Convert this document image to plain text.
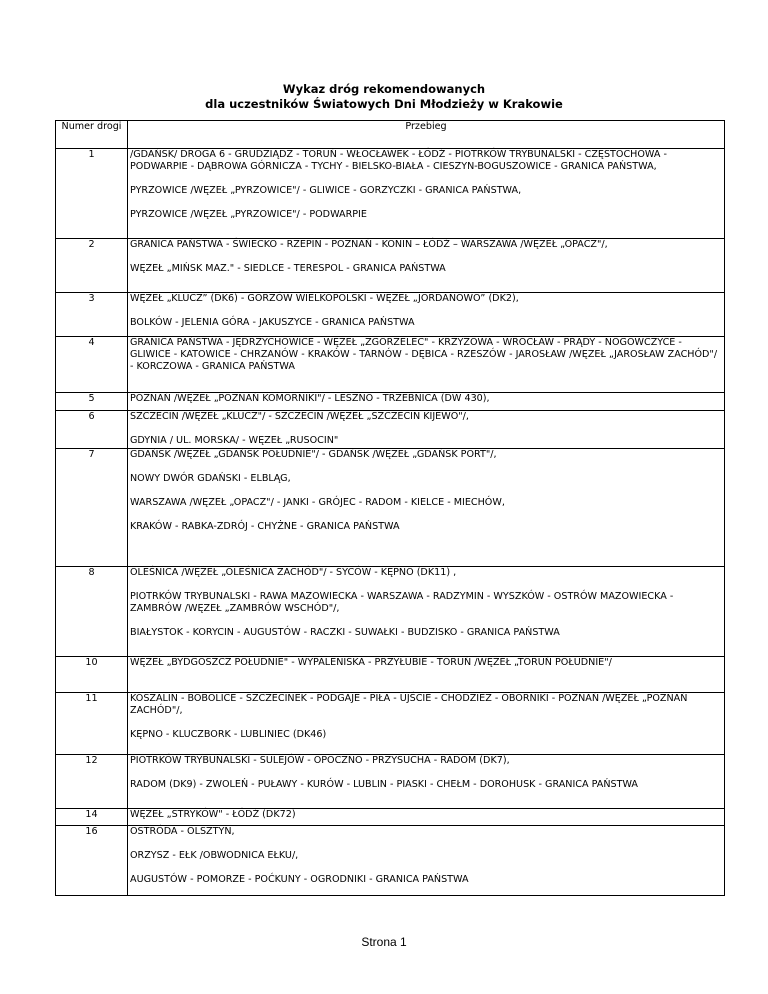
Wykaz dróg rekomendowanych
dla uczestników Światowych Dni Młodzieży w Krakowie
Numer drogi	Przebieg
1	/GDAŃSK/ DROGA 6 - GRUDZIĄDZ - TORUŃ - WŁOCŁAWEK - ŁÓDŹ - PIOTRKÓW TRYBUNALSKI - CZĘSTOCHOWA - PODWARPIE - DĄBROWA GÓRNICZA - TYCHY - BIELSKO-BIAŁA - CIESZYN-BOGUSZOWICE - GRANICA PAŃSTWA,
PYRZOWICE /WĘZEŁ „PYRZOWICE"/ - GLIWICE - GORZYCZKI - GRANICA PAŃSTWA,
PYRZOWICE /WĘZEŁ „PYRZOWICE"/ - PODWARPIE

2	GRANICA PAŃSTWA - ŚWIECKO - RZEPIN - POZNAŃ - KONIN – ŁÓDŹ – WARSZAWA /WĘZEŁ „OPACZ"/,
WĘZEŁ „MIŃSK MAZ." - SIEDLCE - TERESPOL - GRANICA PAŃSTWA

3	WĘZEŁ „KLUCZ” (DK6) - GORZÓW WIELKOPOLSKI - WĘZEŁ „JORDANOWO” (DK2),
BOLKÓW - JELENIA GÓRA - JAKUSZYCE - GRANICA PAŃSTWA

4	GRANICA PAŃSTWA - JĘDRZYCHOWICE - WĘZEŁ „ZGORZELEC" - KRZYŻOWA - WROCŁAW - PRĄDY - NOGOWCZYCE - GLIWICE - KATOWICE - CHRZANÓW - KRAKÓW - TARNÓW - DĘBICA - RZESZÓW - JAROSŁAW /WĘZEŁ „JAROSŁAW ZACHÓD"/ - KORCZOWA - GRANICA PAŃSTWA

5	POZNAŃ /WĘZEŁ „POZNAŃ KOMORNIKI"/ - LESZNO - TRZEBNICA (DW 430),

6	SZCZECIN /WĘZEŁ „KLUCZ"/ - SZCZECIN /WĘZEŁ „SZCZECIN KIJEWO"/,
GDYNIA / UL. MORSKA/ - WĘZEŁ „RUSOCIN"

7	GDAŃSK /WĘZEŁ „GDAŃSK POŁUDNIE"/ - GDAŃSK /WĘZEŁ „GDAŃSK PORT"/,
NOWY DWÓR GDAŃSKI - ELBLĄG,
WARSZAWA /WĘZEŁ „OPACZ"/ - JANKI - GRÓJEC - RADOM - KIELCE - MIECHÓW,
KRAKÓW - RABKA-ZDRÓJ - CHYŻNE - GRANICA PAŃSTWA

8	OLEŚNICA /WĘZEŁ „OLEŚNICA ZACHÓD"/ - SYCÓW - KĘPNO (DK11) ,
PIOTRKÓW TRYBUNALSKI - RAWA MAZOWIECKA - WARSZAWA - RADZYMIN - WYSZKÓW - OSTRÓW MAZOWIECKA - ZAMBRÓW /WĘZEŁ „ZAMBRÓW WSCHÓD"/,
BIAŁYSTOK - KORYCIN - AUGUSTÓW - RACZKI - SUWAŁKI - BUDZISKO - GRANICA PAŃSTWA

10	WĘZEŁ „BYDGOSZCZ POŁUDNIE" - WYPALENISKA - PRZYŁUBIE - TORUŃ /WĘZEŁ „TORUŃ POŁUDNIE"/

11	KOSZALIN - BOBOLICE - SZCZECINEK - PODGAJE - PIŁA - UJŚCIE - CHODZIEŻ - OBORNIKI - POZNAŃ /WĘZEŁ „POZNAŃ ZACHÓD"/,
KĘPNO - KLUCZBORK - LUBLINIEC (DK46)

12	PIOTRKÓW TRYBUNALSKI - SULEJÓW - OPOCZNO - PRZYSUCHA - RADOM (DK7),
RADOM (DK9) - ZWOLEŃ - PUŁAWY - KURÓW - LUBLIN - PIASKI - CHEŁM - DOROHUSK - GRANICA PAŃSTWA

14	WĘZEŁ „STRYKÓW" - ŁÓDŹ (DK72)

16	OSTRÓDA - OLSZTYN,
ORZYSZ - EŁK /OBWODNICA EŁKU/,
AUGUSTÓW - POMORZE - POĆKUNY - OGRODNIKI - GRANICA PAŃSTWA
Strona 1
